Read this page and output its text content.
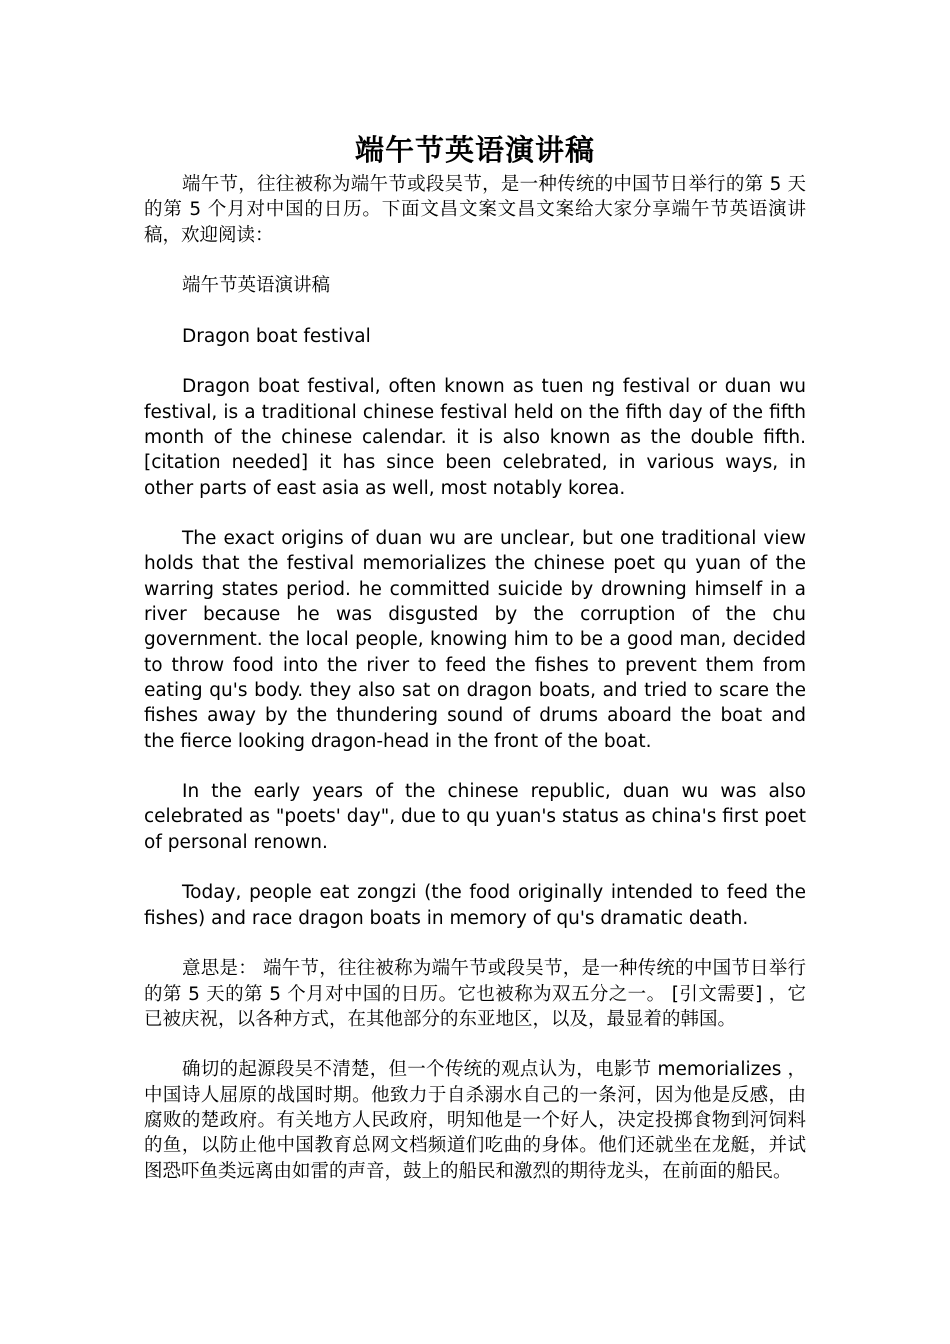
端午节英语演讲稿

端午节，往往被称为端午节或段吴节，是一种传统的中国节日举行的第 5 天的第 5 个月对中国的日历。下面文昌文案文昌文案给大家分享端午节英语演讲稿，欢迎阅读：

端午节英语演讲稿

Dragon boat festival

Dragon boat festival, often known as tuen ng festival or duan wu festival, is a traditional chinese festival held on the fifth day of the fifth month of the chinese calendar. it is also known as the double fifth. [citation needed] it has since been celebrated, in various ways, in other parts of east asia as well, most notably korea.

The exact origins of duan wu are unclear, but one traditional view holds that the festival memorializes the chinese poet qu yuan of the warring states period. he committed suicide by drowning himself in a river because he was disgusted by the corruption of the chu government. the local people, knowing him to be a good man, decided to throw food into the river to feed the fishes to prevent them from eating qu's body. they also sat on dragon boats, and tried to scare the fishes away by the thundering sound of drums aboard the boat and the fierce looking dragon-head in the front of the boat.

In the early years of the chinese republic, duan wu was also celebrated as "poets' day", due to qu yuan's status as china's first poet of personal renown.

Today, people eat zongzi (the food originally intended to feed the fishes) and race dragon boats in memory of qu's dramatic death.

意思是： 端午节，往往被称为端午节或段吴节，是一种传统的中国节日举行的第 5 天的第 5 个月对中国的日历。它也被称为双五分之一。 [引文需要] ，它已被庆祝，以各种方式，在其他部分的东亚地区，以及，最显着的韩国。

确切的起源段吴不清楚，但一个传统的观点认为，电影节 memorializes ，中国诗人屈原的战国时期。他致力于自杀溺水自己的一条河，因为他是反感，由腐败的楚政府。有关地方人民政府，明知他是一个好人，决定投掷食物到河饲料的鱼，以防止他中国教育总网文档频道们吃曲的身体。他们还就坐在龙艇，并试图恐吓鱼类远离由如雷的声音，鼓上的船民和激烈的期待龙头，在前面的船民。
